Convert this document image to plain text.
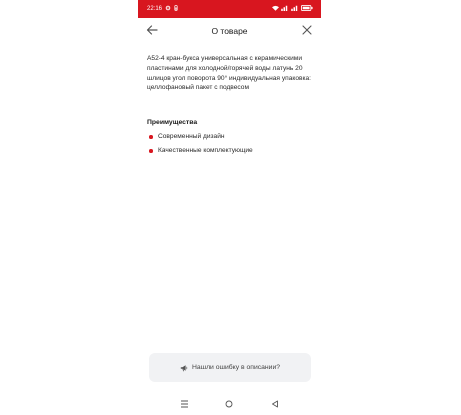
22:16
О товаре

A52-4 кран-букса универсальная с керамическими пластинами для холодной/горячей воды латунь 20 шлицов угол поворота 90° индивидуальная упаковка: целлофановый пакет с подвесом

Преимущества
Современный дизайн
Качественные комплектующие
Нашли ошибку в описании?
